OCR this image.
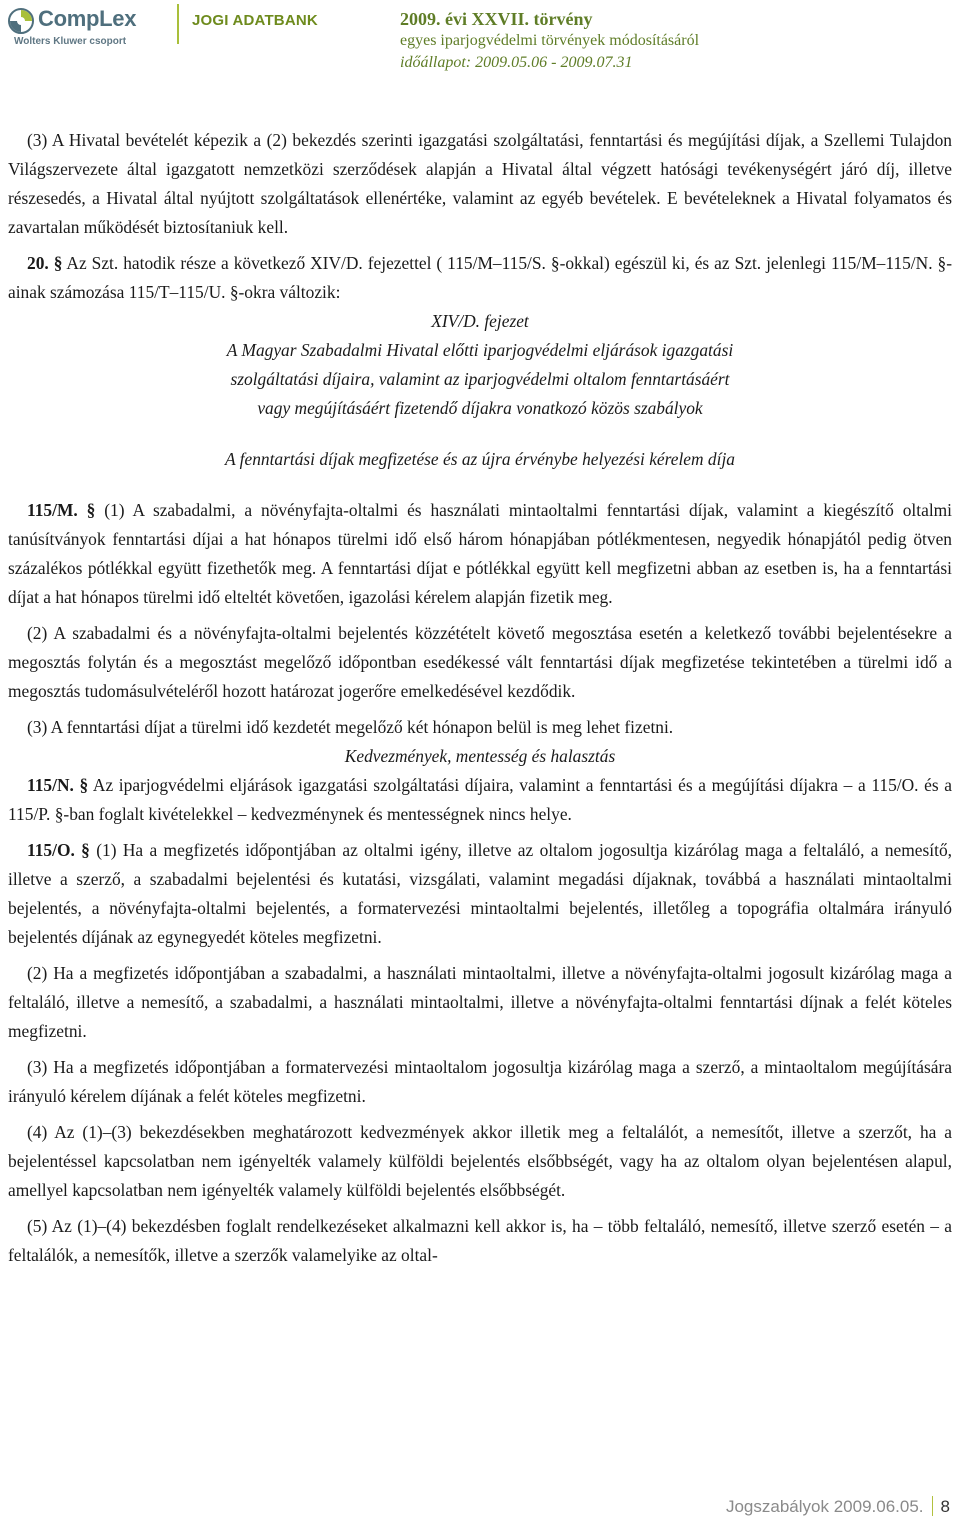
CompLex
Wolters Kluwer csoport
JOGI ADATBANK	2009. évi XXVII. törvény
egyes iparjogvédelmi törvények módosításáról
időállapot: 2009.05.06 - 2009.07.31

(3) A Hivatal bevételét képezik a (2) bekezdés szerinti igazgatási szolgáltatási, fenntartási és megújítási díjak, a Szellemi Tulajdon Világszervezete által igazgatott nemzetközi szerződések alapján a Hivatal által végzett hatósági tevékenységért járó díj, illetve részesedés, a Hivatal által nyújtott szolgáltatások ellenértéke, valamint az egyéb bevételek. E bevételeknek a Hivatal folyamatos és zavartalan működését biztosítaniuk kell.

20. § Az Szt. hatodik része a következő XIV/D. fejezettel ( 115/M–115/S. §-okkal) egészül ki, és az Szt. jelenlegi 115/M–115/N. §-ainak számozása 115/T–115/U. §-okra változik:

XIV/D. fejezet

A Magyar Szabadalmi Hivatal előtti iparjogvédelmi eljárások igazgatási

szolgáltatási díjaira, valamint az iparjogvédelmi oltalom fenntartásáért

vagy megújításáért fizetendő díjakra vonatkozó közös szabályok

A fenntartási díjak megfizetése és az újra érvénybe helyezési kérelem díja

115/M. § (1) A szabadalmi, a növényfajta-oltalmi és használati mintaoltalmi fenntartási díjak, valamint a kiegészítő oltalmi tanúsítványok fenntartási díjai a hat hónapos türelmi idő első három hónapjában pótlékmentesen, negyedik hónapjától pedig ötven százalékos pótlékkal együtt fizethetők meg. A fenntartási díjat e pótlékkal együtt kell megfizetni abban az esetben is, ha a fenntartási díjat a hat hónapos türelmi idő elteltét követően, igazolási kérelem alapján fizetik meg.

(2) A szabadalmi és a növényfajta-oltalmi bejelentés közzétételt követő megosztása esetén a keletkező további bejelentésekre a megosztás folytán és a megosztást megelőző időpontban esedékessé vált fenntartási díjak megfizetése tekintetében a türelmi idő a megosztás tudomásulvételéről hozott határozat jogerőre emelkedésével kezdődik.

(3) A fenntartási díjat a türelmi idő kezdetét megelőző két hónapon belül is meg lehet fizetni.

Kedvezmények, mentesség és halasztás

115/N. § Az iparjogvédelmi eljárások igazgatási szolgáltatási díjaira, valamint a fenntartási és a megújítási díjakra – a 115/O. és a 115/P. §-ban foglalt kivételekkel – kedvezménynek és mentességnek nincs helye.

115/O. § (1) Ha a megfizetés időpontjában az oltalmi igény, illetve az oltalom jogosultja kizárólag maga a feltaláló, a nemesítő, illetve a szerző, a szabadalmi bejelentési és kutatási, vizsgálati, valamint megadási díjaknak, továbbá a használati mintaoltalmi bejelentés, a növényfajta-oltalmi bejelentés, a formatervezési mintaoltalmi bejelentés, illetőleg a topográfia oltalmára irányuló bejelentés díjának az egynegyedét köteles megfizetni.

(2) Ha a megfizetés időpontjában a szabadalmi, a használati mintaoltalmi, illetve a növényfajta-oltalmi jogosult kizárólag maga a feltaláló, illetve a nemesítő, a szabadalmi, a használati mintaoltalmi, illetve a növényfajta-oltalmi fenntartási díjnak a felét köteles megfizetni.

(3) Ha a megfizetés időpontjában a formatervezési mintaoltalom jogosultja kizárólag maga a szerző, a mintaoltalom megújítására irányuló kérelem díjának a felét köteles megfizetni.

(4) Az (1)–(3) bekezdésekben meghatározott kedvezmények akkor illetik meg a feltalálót, a nemesítőt, illetve a szerzőt, ha a bejelentéssel kapcsolatban nem igényelték valamely külföldi bejelentés elsőbbségét, vagy ha az oltalom olyan bejelentésen alapul, amellyel kapcsolatban nem igényelték valamely külföldi bejelentés elsőbbségét.

(5) Az (1)–(4) bekezdésben foglalt rendelkezéseket alkalmazni kell akkor is, ha – több feltaláló, nemesítő, illetve szerző esetén – a feltalálók, a nemesítők, illetve a szerzők valamelyike az oltal-

Jogszabályok 2009.06.05. 8
